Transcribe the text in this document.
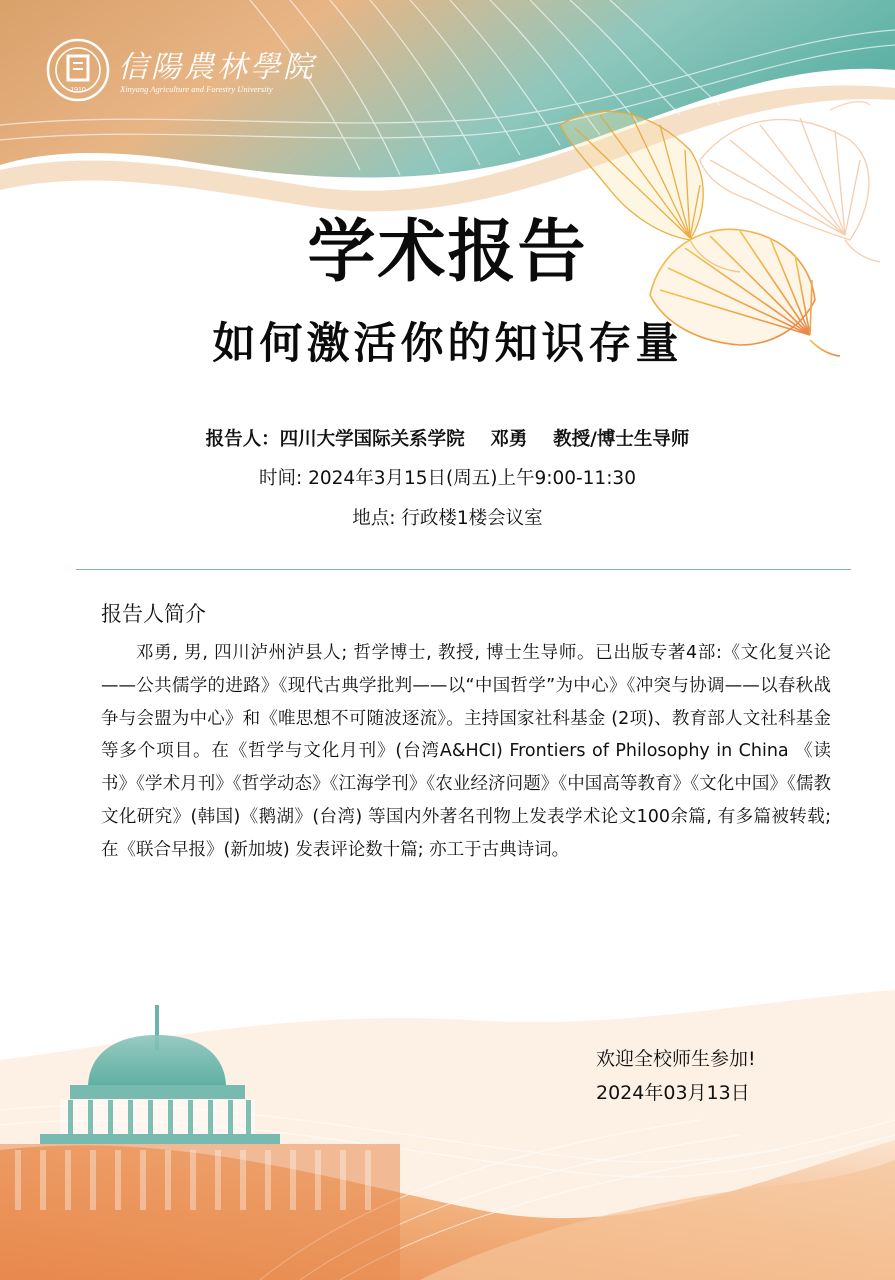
1910
信陽農林學院
Xinyang Agriculture and Forestry University
学术报告
如何激活你的知识存量
报告人：四川大学国际关系学院    邓勇    教授/博士生导师
时间: 2024年3月15日(周五)上午9:00-11:30
地点: 行政楼1楼会议室
报告人简介

邓勇, 男, 四川泸州泸县人; 哲学博士, 教授, 博士生导师。已出版专著4部:《文化复兴论——公共儒学的进路》《现代古典学批判——以“中国哲学”为中心》《冲突与协调——以春秋战争与会盟为中心》和《唯思想不可随波逐流》。主持国家社科基金 (2项)、教育部人文社科基金等多个项目。在《哲学与文化月刊》(台湾A&HCI) Frontiers of Philosophy in China 《读书》《学术月刊》《哲学动态》《江海学刊》《农业经济问题》《中国高等教育》《文化中国》《儒教文化研究》(韩国)《鹅湖》(台湾) 等国内外著名刊物上发表学术论文100余篇, 有多篇被转载; 在《联合早报》(新加坡) 发表评论数十篇; 亦工于古典诗词。

欢迎全校师生参加!
2024年03月13日
